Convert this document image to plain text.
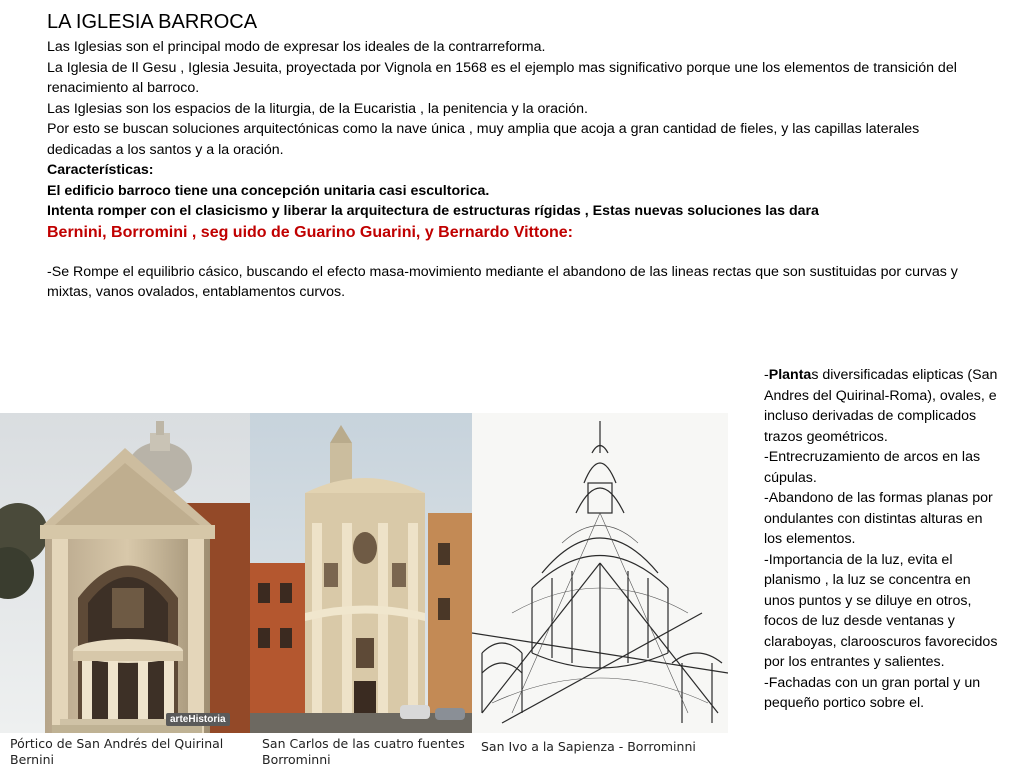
LA IGLESIA BARROCA

Las Iglesias son el principal modo de expresar los ideales de la contrarreforma.

La Iglesia de Il Gesu , Iglesia Jesuita, proyectada por Vignola en 1568 es el ejemplo mas significativo porque une los elementos de transición del renacimiento al barroco.

Las Iglesias son los espacios de la liturgia, de la Eucaristia , la penitencia y la oración.

Por esto se buscan soluciones arquitectónicas como la nave única , muy amplia que acoja a gran cantidad de fieles, y las capillas laterales dedicadas a los santos y a la oración.

Características:

El edificio barroco tiene una concepción unitaria casi escultorica.

Intenta romper con el clasicismo y liberar la arquitectura de estructuras rígidas , Estas nuevas soluciones las dara

Bernini, Borromini , seg uido de Guarino Guarini, y Bernardo Vittone:

-Se Rompe el equilibrio cásico, buscando el efecto masa-movimiento mediante el abandono de las lineas rectas que son sustituidas por curvas y mixtas, vanos ovalados, entablamentos curvos.

-Plantas diversificadas elipticas (San Andres del Quirinal-Roma), ovales, e incluso derivadas de complicados trazos geométricos.

-Entrecruzamiento de arcos en las cúpulas.

-Abandono de las formas planas por ondulantes con distintas alturas en los elementos.

-Importancia de la luz, evita el planismo , la luz se concentra en unos puntos y se diluye en otros, focos de luz desde ventanas y claraboyas, clarooscuros favorecidos por los entrantes y salientes.

-Fachadas con un gran portal y un pequeño portico sobre el.

arteHistoria
Pórtico de San Andrés del Quirinal
Bernini
San Carlos de las cuatro fuentes
Borrominni
San Ivo a la Sapienza - Borrominni
